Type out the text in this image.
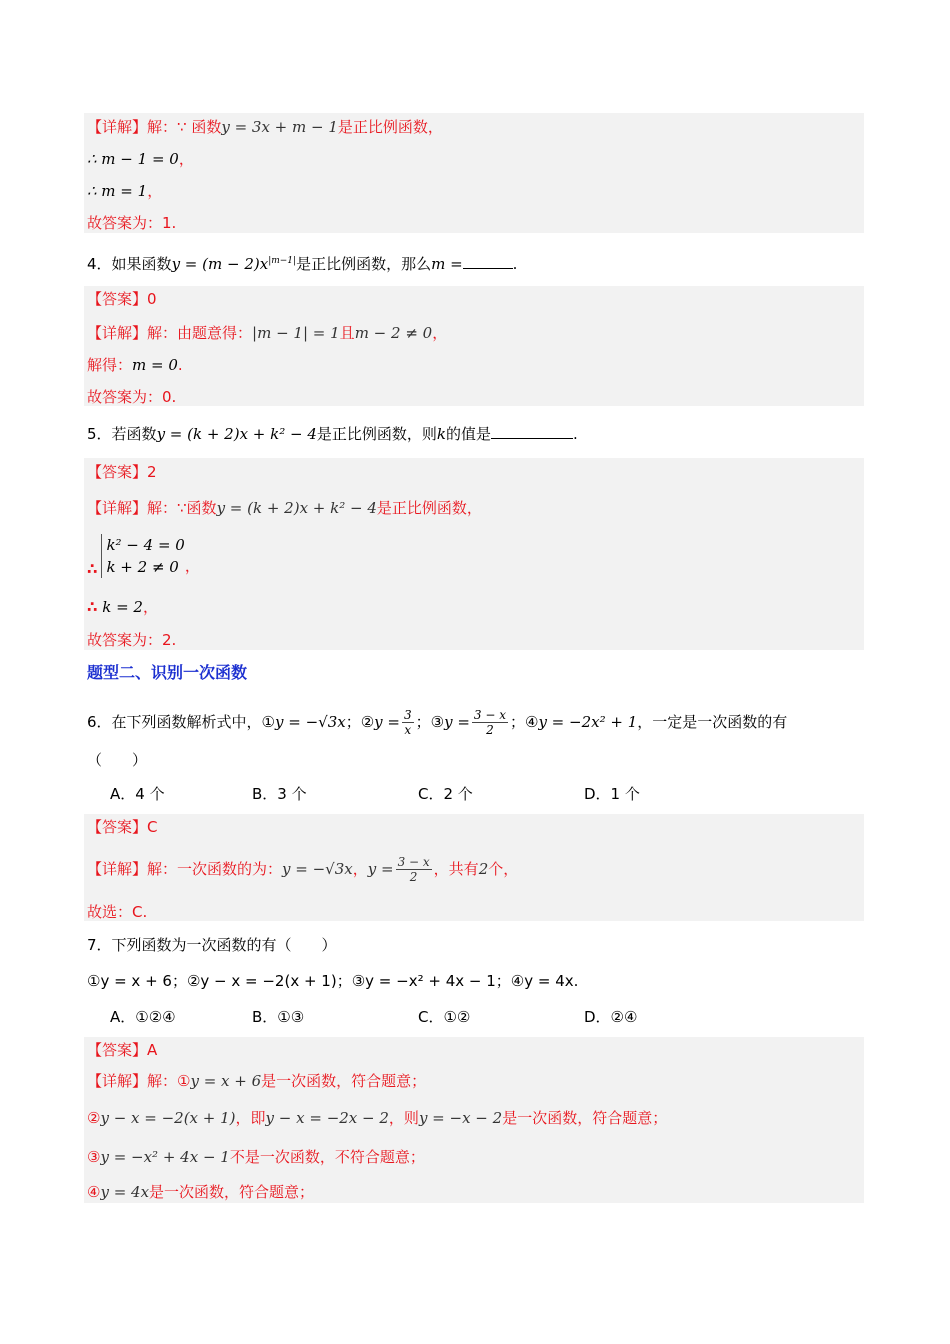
【详解】解：∵ 函数y = 3x + m − 1是正比例函数，
∴ m − 1 = 0，
∴ m = 1，
故答案为：1.
4．如果函数$y = (m - 2)x^{|m-1|}$是正比例函数，那么m =	.
【答案】0
【详解】解：由题意得：|m − 1| = 1且m − 2 ≠ 0，
解得：m = 0.
故答案为：0.
5．若函数y = (k + 2)x + k² − 4是正比例函数，则k的值是	.
【答案】2
【详解】解：∵函数y = (k + 2)x + k² − 4是正比例函数，
∴
k² − 4 = 0
k + 2 ≠ 0 ，
∴ k = 2，
故答案为：2.
题型二、识别一次函数
6．在下列函数解析式中，①y = −√3x；②y = $\frac{3}{x}$ ；③y = $\frac{3 - x}{2}$ ；④y = −2x² + 1，一定是一次函数的有
（　　）
A．4 个	B．3 个	C．2 个	D．1 个
【答案】C
【详解】解：一次函数的为：y = −√3x，$y = \frac{3 - x}{2}$ ，共有2个，
故选：C.
7．下列函数为一次函数的有（　　）
①y = x + 6；②y − x = −2(x + 1)；③y = −x² + 4x − 1；④y = 4x.
A．①②④	B．①③	C．①②	D．②④
【答案】A
【详解】解：①y = x + 6是一次函数，符合题意；
②y − x = −2(x + 1)，即y − x = −2x − 2，则y = −x − 2是一次函数，符合题意；
③y = −x² + 4x − 1不是一次函数，不符合题意；
④y = 4x是一次函数，符合题意；
